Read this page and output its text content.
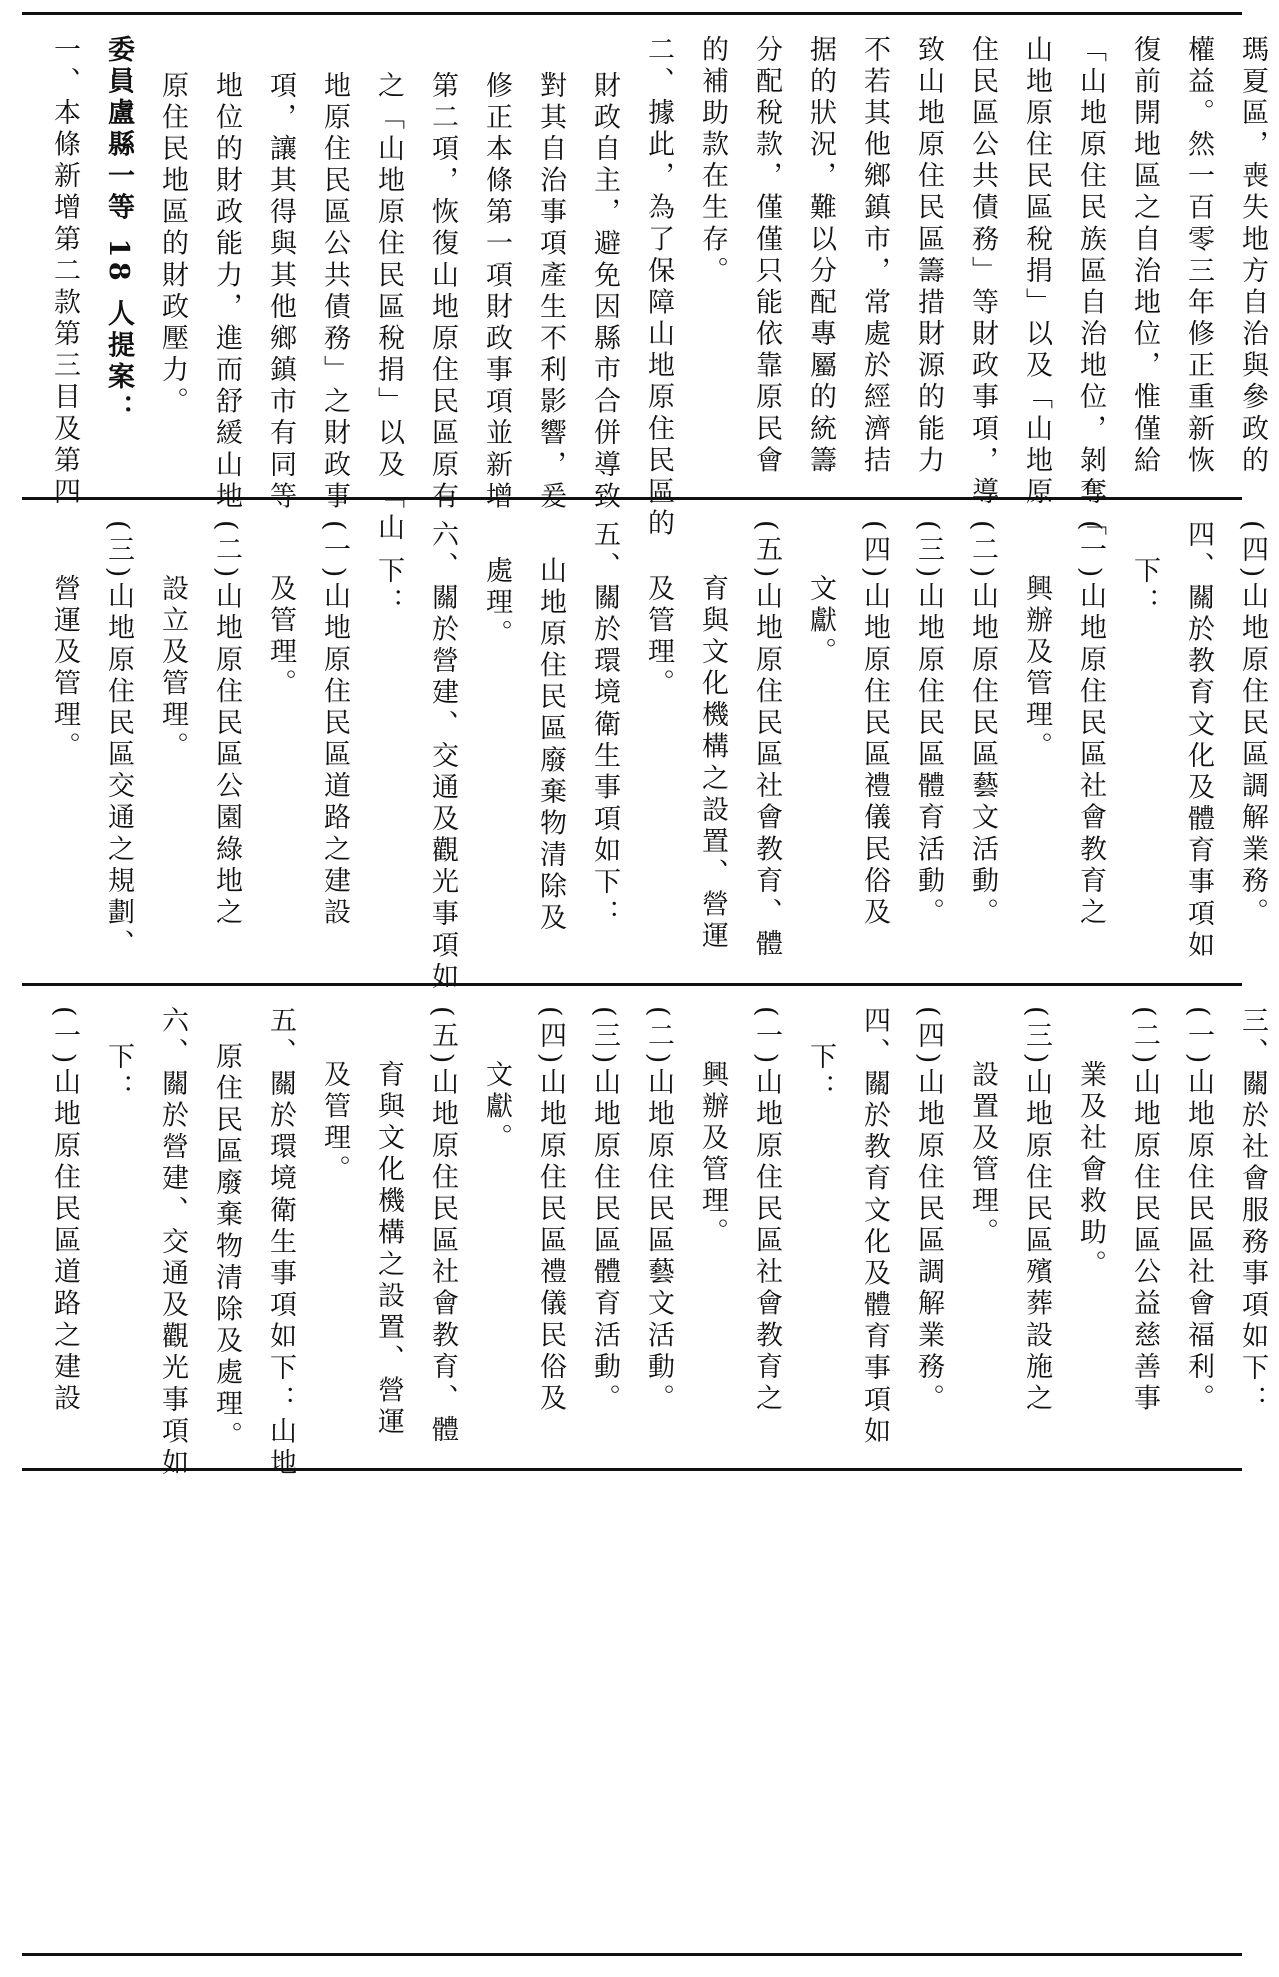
瑪夏區，喪失地方自治與參政的
權益。然一百零三年修正重新恢
復前開地區之自治地位，惟僅給
「山地原住民族區自治地位，剝奪「
山地原住民區稅捐」以及「山地原
住民區公共債務」等財政事項，導
致山地原住民區籌措財源的能力
不若其他鄉鎮市，常處於經濟拮
据的狀況，難以分配專屬的統籌
分配稅款，僅僅只能依靠原民會
的補助款在生存。
二、據此，為了保障山地原住民區的
財政自主，避免因縣市合併導致
對其自治事項產生不利影響，爰
修正本條第一項財政事項並新增
第二項，恢復山地原住民區原有
之「山地原住民區稅捐」以及「山
地原住民區公共債務」之財政事
項，讓其得與其他鄉鎮市有同等
地位的財政能力，進而舒緩山地
原住民地區的財政壓力。
委員盧縣一等 18 人提案：
一、本條新增第二款第三目及第四
(四)山地原住民區調解業務。
四、關於教育文化及體育事項如
下：
(一)山地原住民區社會教育之
興辦及管理。
(二)山地原住民區藝文活動。
(三)山地原住民區體育活動。
(四)山地原住民區禮儀民俗及
文獻。
(五)山地原住民區社會教育、體
育與文化機構之設置、營運
及管理。
五、關於環境衛生事項如下：
山地原住民區廢棄物清除及
處理。
六、關於營建、交通及觀光事項如
下：
(一)山地原住民區道路之建設
及管理。
(二)山地原住民區公園綠地之
設立及管理。
(三)山地原住民區交通之規劃、
營運及管理。
三、關於社會服務事項如下：
(一)山地原住民區社會福利。
(二)山地原住民區公益慈善事
業及社會救助。
(三)山地原住民區殯葬設施之
設置及管理。
(四)山地原住民區調解業務。
四、關於教育文化及體育事項如
下：
(一)山地原住民區社會教育之
興辦及管理。
(二)山地原住民區藝文活動。
(三)山地原住民區體育活動。
(四)山地原住民區禮儀民俗及
文獻。
(五)山地原住民區社會教育、體
育與文化機構之設置、營運
及管理。
五、關於環境衛生事項如下：山地
原住民區廢棄物清除及處理。
六、關於營建、交通及觀光事項如
下：
(一)山地原住民區道路之建設
